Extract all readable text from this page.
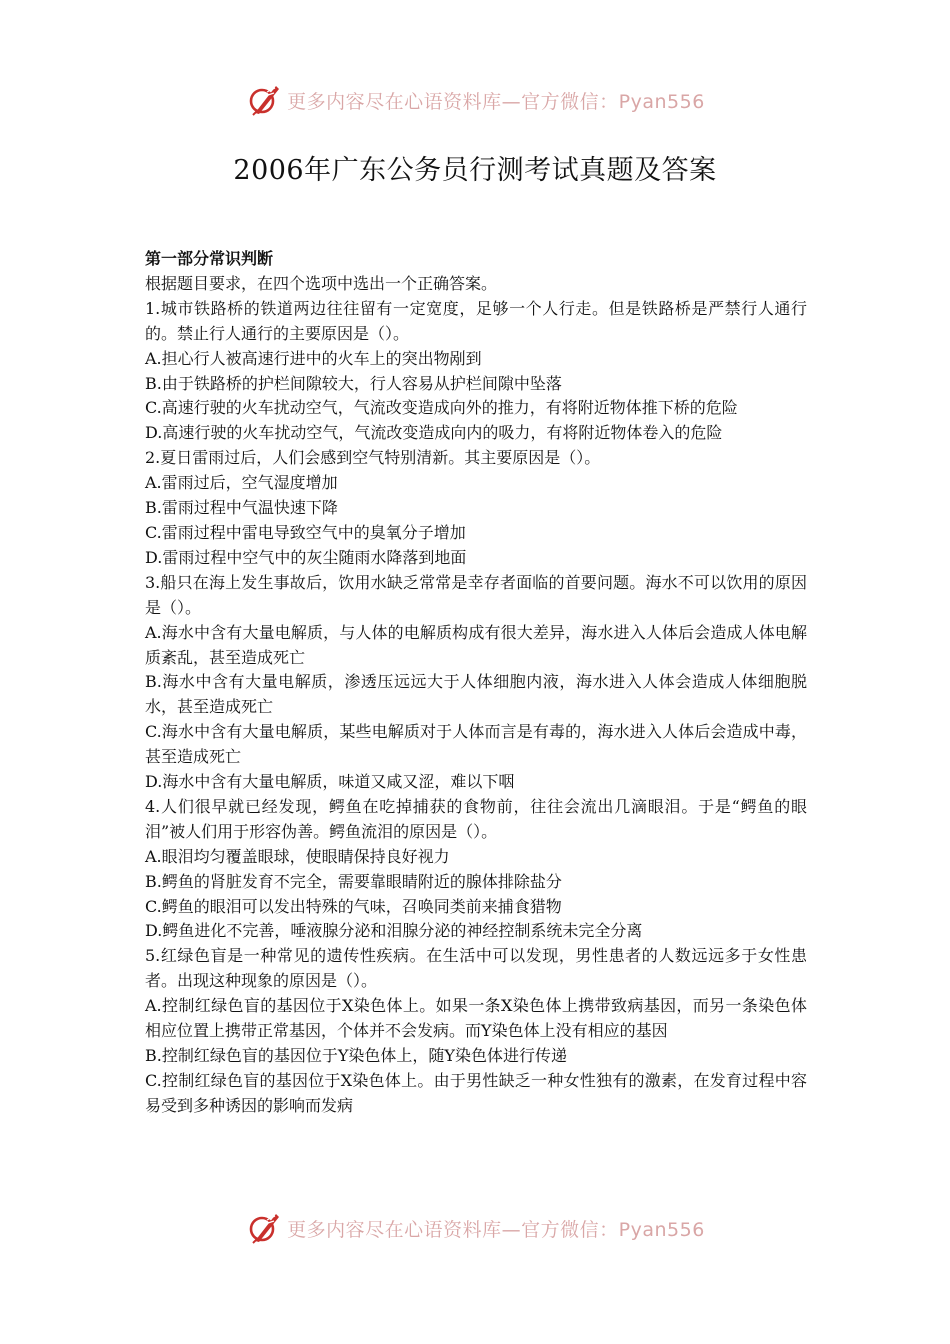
更多内容尽在心语资料库—官方微信：Pyan556
2006年广东公务员行测考试真题及答案

第一部分常识判断

根据题目要求，在四个选项中选出一个正确答案。

1.城市铁路桥的铁道两边往往留有一定宽度，足够一个人行走。但是铁路桥是严禁行人通行的。禁止行人通行的主要原因是（）。

A.担心行人被高速行进中的火车上的突出物剐到

B.由于铁路桥的护栏间隙较大，行人容易从护栏间隙中坠落

C.高速行驶的火车扰动空气，气流改变造成向外的推力，有将附近物体推下桥的危险

D.高速行驶的火车扰动空气，气流改变造成向内的吸力，有将附近物体卷入的危险

2.夏日雷雨过后，人们会感到空气特别清新。其主要原因是（）。

A.雷雨过后，空气湿度增加

B.雷雨过程中气温快速下降

C.雷雨过程中雷电导致空气中的臭氧分子增加

D.雷雨过程中空气中的灰尘随雨水降落到地面

3.船只在海上发生事故后，饮用水缺乏常常是幸存者面临的首要问题。海水不可以饮用的原因是（）。

A.海水中含有大量电解质，与人体的电解质构成有很大差异，海水进入人体后会造成人体电解质紊乱，甚至造成死亡

B.海水中含有大量电解质，渗透压远远大于人体细胞内液，海水进入人体会造成人体细胞脱水，甚至造成死亡

C.海水中含有大量电解质，某些电解质对于人体而言是有毒的，海水进入人体后会造成中毒，甚至造成死亡

D.海水中含有大量电解质，味道又咸又涩，难以下咽

4.人们很早就已经发现，鳄鱼在吃掉捕获的食物前，往往会流出几滴眼泪。于是“鳄鱼的眼泪”被人们用于形容伪善。鳄鱼流泪的原因是（）。

A.眼泪均匀覆盖眼球，使眼睛保持良好视力

B.鳄鱼的肾脏发育不完全，需要靠眼睛附近的腺体排除盐分

C.鳄鱼的眼泪可以发出特殊的气味，召唤同类前来捕食猎物

D.鳄鱼进化不完善，唾液腺分泌和泪腺分泌的神经控制系统未完全分离

5.红绿色盲是一种常见的遗传性疾病。在生活中可以发现，男性患者的人数远远多于女性患者。出现这种现象的原因是（）。

A.控制红绿色盲的基因位于X染色体上。如果一条X染色体上携带致病基因，而另一条染色体相应位置上携带正常基因，个体并不会发病。而Y染色体上没有相应的基因

B.控制红绿色盲的基因位于Y染色体上，随Y染色体进行传递

C.控制红绿色盲的基因位于X染色体上。由于男性缺乏一种女性独有的激素，在发育过程中容易受到多种诱因的影响而发病

更多内容尽在心语资料库—官方微信：Pyan556
